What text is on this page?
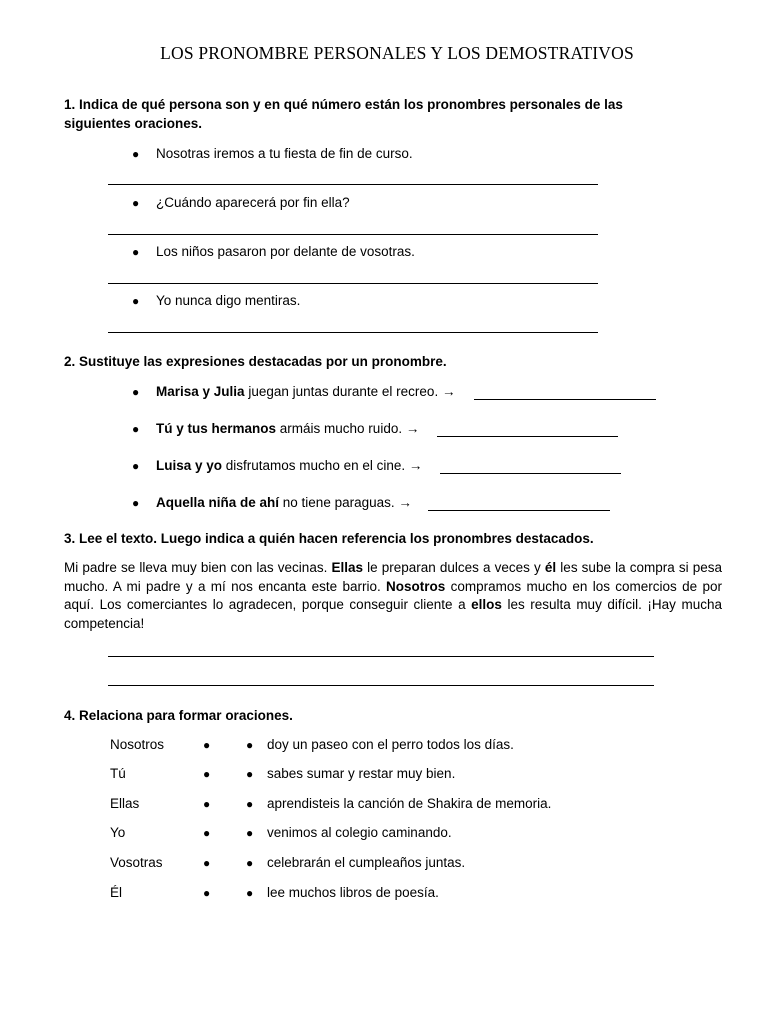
LOS PRONOMBRE PERSONALES Y LOS DEMOSTRATIVOS
1. Indica de qué persona son y en qué número están los pronombres personales de las
siguientes oraciones.
● Nosotras iremos a tu fiesta de fin de curso.
● ¿Cuándo aparecerá por fin ella?
● Los niños pasaron por delante de vosotras.
● Yo nunca digo mentiras.
2. Sustituye las expresiones destacadas por un pronombre.
● Marisa y Julia juegan juntas durante el recreo. →
● Tú y tus hermanos armáis mucho ruido. →
● Luisa y yo disfrutamos mucho en el cine. →
● Aquella niña de ahí no tiene paraguas. →
3. Lee el texto. Luego indica a quién hacen referencia los pronombres destacados.
Mi padre se lleva muy bien con las vecinas. Ellas le preparan dulces a veces y él les sube la compra si pesa mucho. A mi padre y a mí nos encanta este barrio. Nosotros compramos mucho en los comercios de por aquí. Los comerciantes lo agradecen, porque conseguir cliente a ellos les resulta muy difícil. ¡Hay mucha competencia!
4. Relaciona para formar oraciones.
Nosotros	●	● doy un paseo con el perro todos los días.
Tú	●	● sabes sumar y restar muy bien.
Ellas	●	● aprendisteis la canción de Shakira de memoria.
Yo	●	● venimos al colegio caminando.
Vosotras	●	● celebrarán el cumpleaños juntas.
Él	●	● lee muchos libros de poesía.
